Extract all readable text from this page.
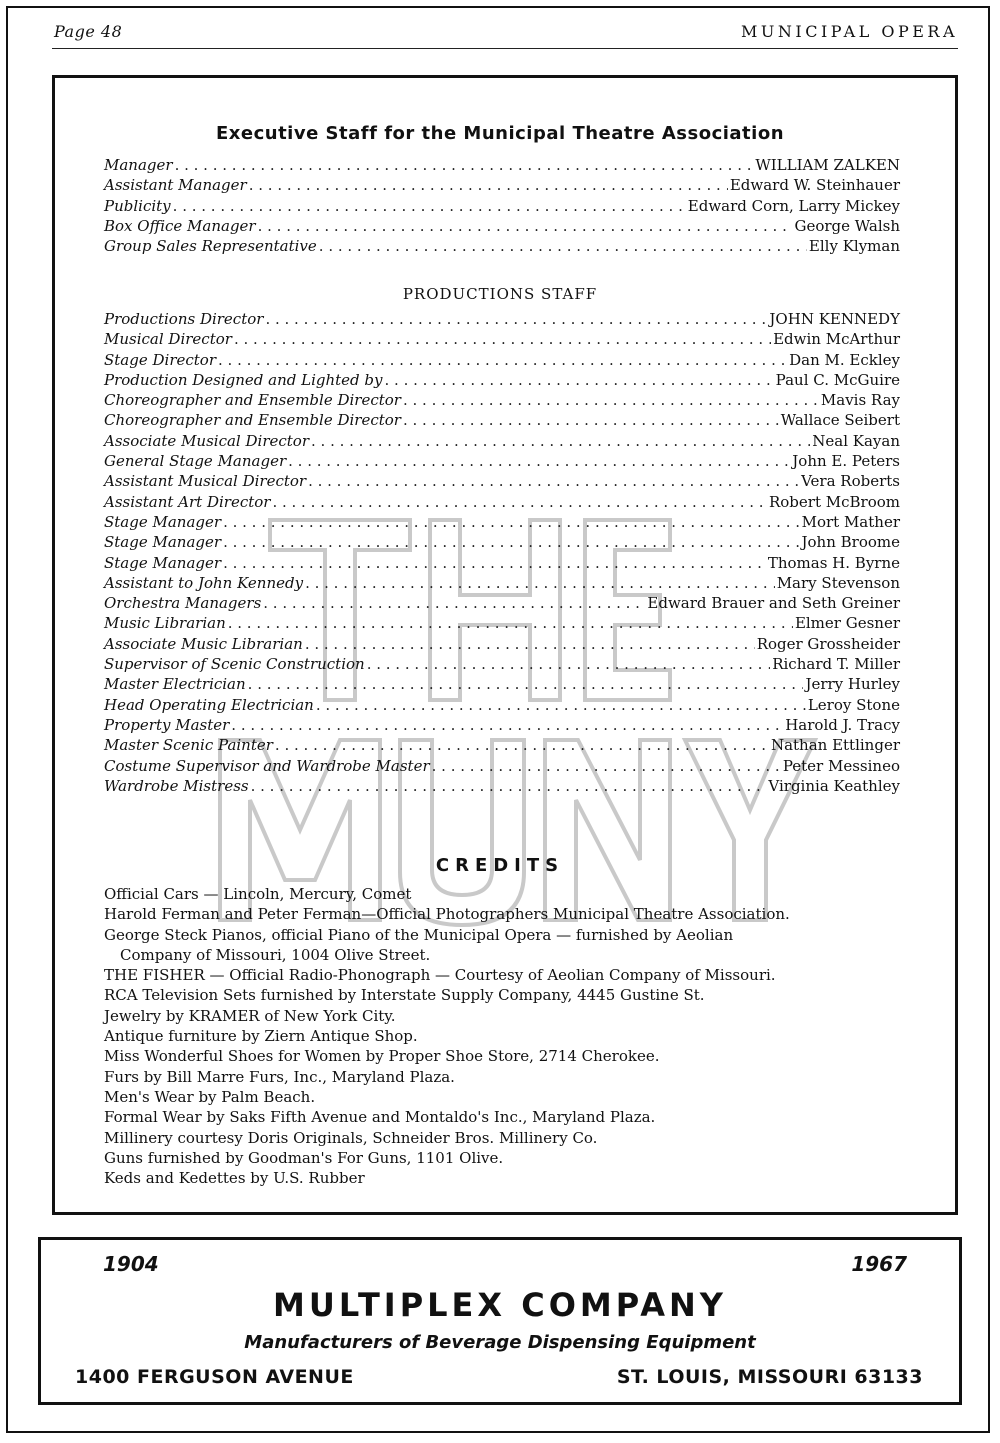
Page 48	MUNICIPAL OPERA
Executive Staff for the Municipal Theatre Association
Manager . . .	WILLIAM ZALKEN
Assistant Manager . . .	Edward W. Steinhauer
Publicity . . .	Edward Corn, Larry Mickey
Box Office Manager . . .	George Walsh
Group Sales Representative . . .	Elly Klyman
PRODUCTIONS STAFF
Productions Director . . .	JOHN KENNEDY
Musical Director . . .	Edwin McArthur
Stage Director . . .	Dan M. Eckley
Production Designed and Lighted by . . .	Paul C. McGuire
Choreographer and Ensemble Director . . .	Mavis Ray
Choreographer and Ensemble Director . . .	Wallace Seibert
Associate Musical Director . . .	Neal Kayan
General Stage Manager . . .	John E. Peters
Assistant Musical Director . . .	Vera Roberts
Assistant Art Director . . .	Robert McBroom
Stage Manager . . .	Mort Mather
Stage Manager . . .	John Broome
Stage Manager . . .	Thomas H. Byrne
Assistant to John Kennedy . . .	Mary Stevenson
Orchestra Managers . . .	Edward Brauer and Seth Greiner
Music Librarian . . .	Elmer Gesner
Associate Music Librarian . . .	Roger Grossheider
Supervisor of Scenic Construction . . .	Richard T. Miller
Master Electrician . . .	Jerry Hurley
Head Operating Electrician . . .	Leroy Stone
Property Master . . .	Harold J. Tracy
Master Scenic Painter . . .	Nathan Ettlinger
Costume Supervisor and Wardrobe Master . . .	Peter Messineo
Wardrobe Mistress . . .	Virginia Keathley
CREDITS
Official Cars — Lincoln, Mercury, Comet
Harold Ferman and Peter Ferman—Official Photographers Municipal Theatre Association.
George Steck Pianos, official Piano of the Municipal Opera — furnished by Aeolian
Company of Missouri, 1004 Olive Street.
THE FISHER — Official Radio-Phonograph — Courtesy of Aeolian Company of Missouri.
RCA Television Sets furnished by Interstate Supply Company, 4445 Gustine St.
Jewelry by KRAMER of New York City.
Antique furniture by Ziern Antique Shop.
Miss Wonderful Shoes for Women by Proper Shoe Store, 2714 Cherokee.
Furs by Bill Marre Furs, Inc., Maryland Plaza.
Men's Wear by Palm Beach.
Formal Wear by Saks Fifth Avenue and Montaldo's Inc., Maryland Plaza.
Millinery courtesy Doris Originals, Schneider Bros. Millinery Co.
Guns furnished by Goodman's For Guns, 1101 Olive.
Keds and Kedettes by U.S. Rubber
1904	1967
MULTIPLEX COMPANY
Manufacturers of Beverage Dispensing Equipment
1400 FERGUSON AVENUE	ST. LOUIS, MISSOURI 63133
